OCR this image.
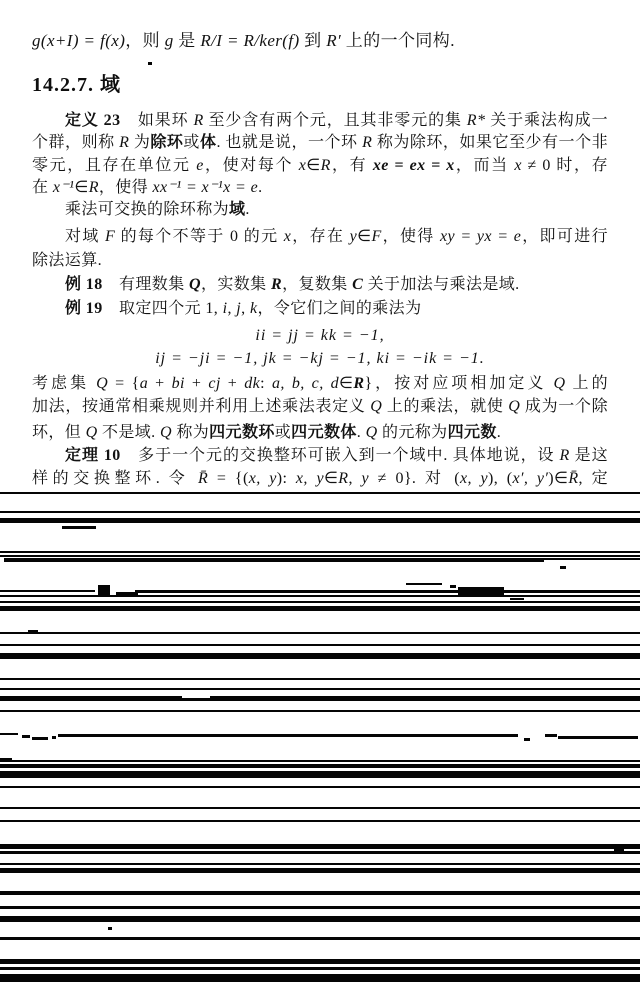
14.2.7. 域
g(x+I) = f(x)，则 g 是 R/I = R/ker(f) 到 R′ 上的一个同构.
定义 23　如果环 R 至少含有两个元，且其非零元的集 R* 关于乘法构成一
个群，则称 R 为除环或体. 也就是说，一个环 R 称为除环，如果它至少有一个非
零元，且存在单位元 e，使对每个 x∈R，有 xe = ex = x，而当 x ≠ 0 时，存
在 x⁻¹∈R，使得 xx⁻¹ = x⁻¹x = e.
乘法可交换的除环称为域.
对域 F 的每个不等于 0 的元 x，存在 y∈F，使得 xy = yx = e，即可进行
除法运算.
例 18　有理数集 Q，实数集 R，复数集 C 关于加法与乘法是域.
例 19　取定四个元 1, i, j, k，令它们之间的乘法为
ii = jj = kk = −1,
ij = −ji = −1, jk = −kj = −1, ki = −ik = −1.
考虑集 Q = {a + bi + cj + dk: a, b, c, d∈R}，按对应项相加定义 Q 上的
加法，按通常相乘规则并利用上述乘法表定义 Q 上的乘法，就使 Q 成为一个除
环，但 Q 不是域. Q 称为四元数环或四元数体. Q 的元称为四元数.
定理 10　多于一个元的交换整环可嵌入到一个域中. 具体地说，设 R 是这
样的交换整环. 令 R̄ = {(x, y): x, y∈R, y ≠ 0}. 对 (x, y), (x′, y′)∈R̄, 定
